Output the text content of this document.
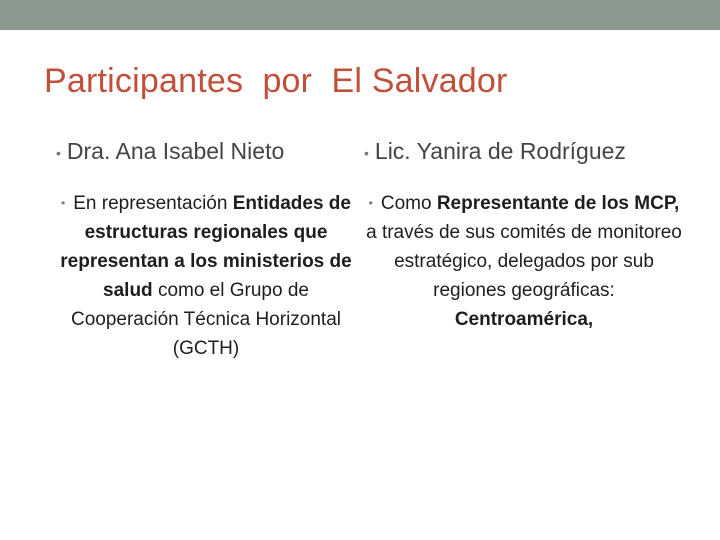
Participantes  por  El Salvador
• Dra. Ana Isabel Nieto
• En representación Entidades de estructuras regionales que representan a los ministerios de salud como el Grupo de Cooperación Técnica Horizontal (GCTH)
• Lic. Yanira de Rodríguez
• Como Representante de los MCP, a través de sus comités de monitoreo estratégico, delegados por sub regiones geográficas: Centroamérica,
